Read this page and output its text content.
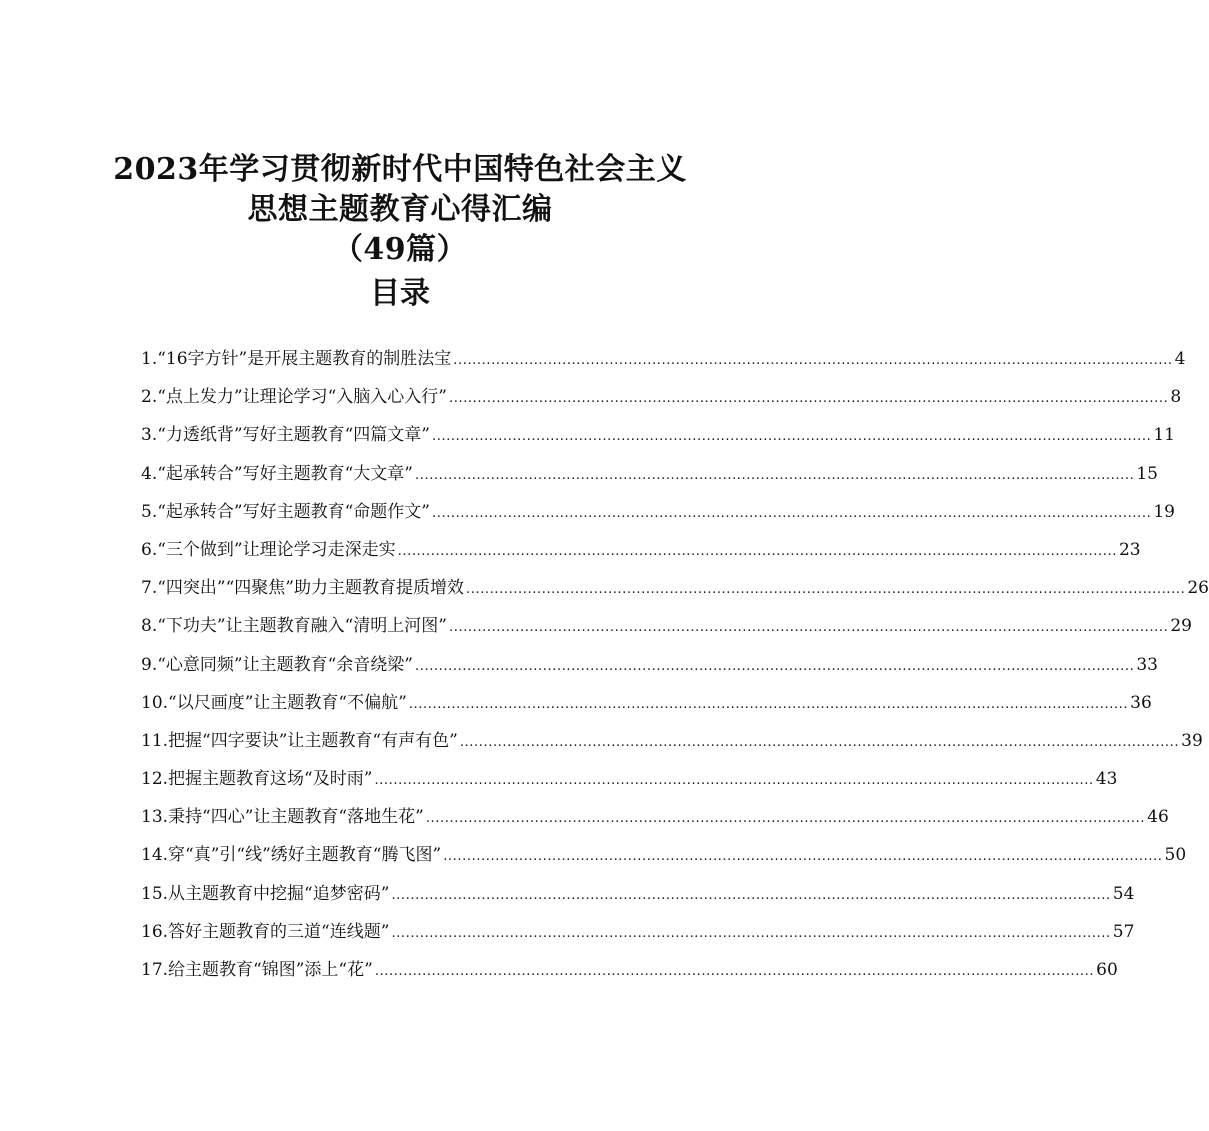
2023年学习贯彻新时代中国特色社会主义
思想主题教育心得汇编
（49篇）
目录
1. “16字方针”是开展主题教育的制胜法宝 ........................................................................................................................................................ 4
2. “点上发力”让理论学习“入脑入心入行” ........................................................................................................................................................ 8
3. “力透纸背”写好主题教育“四篇文章” ........................................................................................................................................................ 11
4. “起承转合”写好主题教育“大文章” ........................................................................................................................................................ 15
5. “起承转合”写好主题教育“命题作文” ........................................................................................................................................................ 19
6. “三个做到”让理论学习走深走实 ........................................................................................................................................................ 23
7. “四突出”“四聚焦”助力主题教育提质增效 ........................................................................................................................................................ 26
8. “下功夫”让主题教育融入“清明上河图” ........................................................................................................................................................ 29
9. “心意同频”让主题教育“余音绕梁” ........................................................................................................................................................ 33
10. “以尺画度”让主题教育“不偏航” ........................................................................................................................................................ 36
11. 把握“四字要诀”让主题教育“有声有色” ........................................................................................................................................................ 39
12. 把握主题教育这场“及时雨” ........................................................................................................................................................ 43
13. 秉持“四心”让主题教育“落地生花” ........................................................................................................................................................ 46
14. 穿“真”引“线”绣好主题教育“腾飞图” ........................................................................................................................................................ 50
15. 从主题教育中挖掘“追梦密码” ........................................................................................................................................................ 54
16. 答好主题教育的三道“连线题” ........................................................................................................................................................ 57
17. 给主题教育“锦图”添上“花” ........................................................................................................................................................ 60
